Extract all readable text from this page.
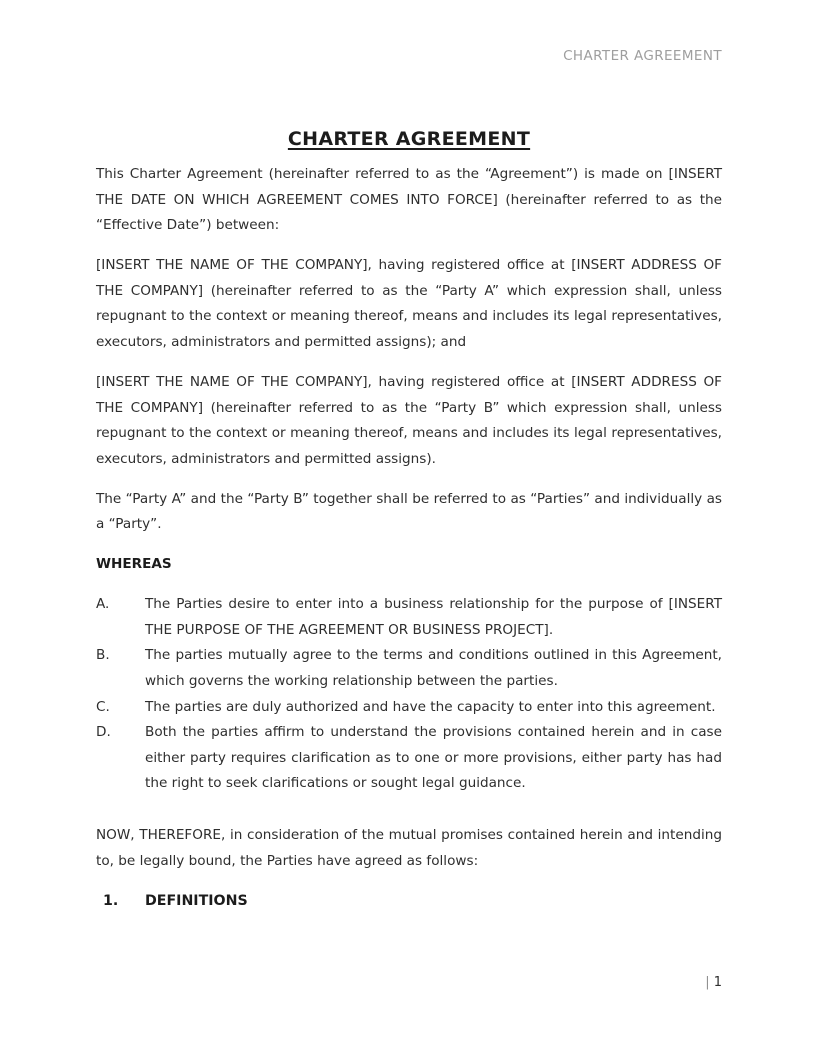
CHARTER AGREEMENT
CHARTER AGREEMENT

This Charter Agreement (hereinafter referred to as the “Agreement”) is made on [INSERT THE DATE ON WHICH AGREEMENT COMES INTO FORCE] (hereinafter referred to as the “Effective Date”) between:

[INSERT THE NAME OF THE COMPANY], having registered office at [INSERT ADDRESS OF THE COMPANY] (hereinafter referred to as the “Party A” which expression shall, unless repugnant to the context or meaning thereof, means and includes its legal representatives, executors, administrators and permitted assigns); and

[INSERT THE NAME OF THE COMPANY], having registered office at [INSERT ADDRESS OF THE COMPANY] (hereinafter referred to as the “Party B” which expression shall, unless repugnant to the context or meaning thereof, means and includes its legal representatives, executors, administrators and permitted assigns).

The “Party A” and the “Party B” together shall be referred to as “Parties” and individually as a “Party”.

WHEREAS
A.	The Parties desire to enter into a business relationship for the purpose of [INSERT THE PURPOSE OF THE AGREEMENT OR BUSINESS PROJECT].
B.	The parties mutually agree to the terms and conditions outlined in this Agreement, which governs the working relationship between the parties.
C.	The parties are duly authorized and have the capacity to enter into this agreement.
D.	Both the parties affirm to understand the provisions contained herein and in case either party requires clarification as to one or more provisions, either party has had the right to seek clarifications or sought legal guidance.

NOW, THEREFORE, in consideration of the mutual promises contained herein and intending to, be legally bound, the Parties have agreed as follows:

1.	DEFINITIONS
| 1
